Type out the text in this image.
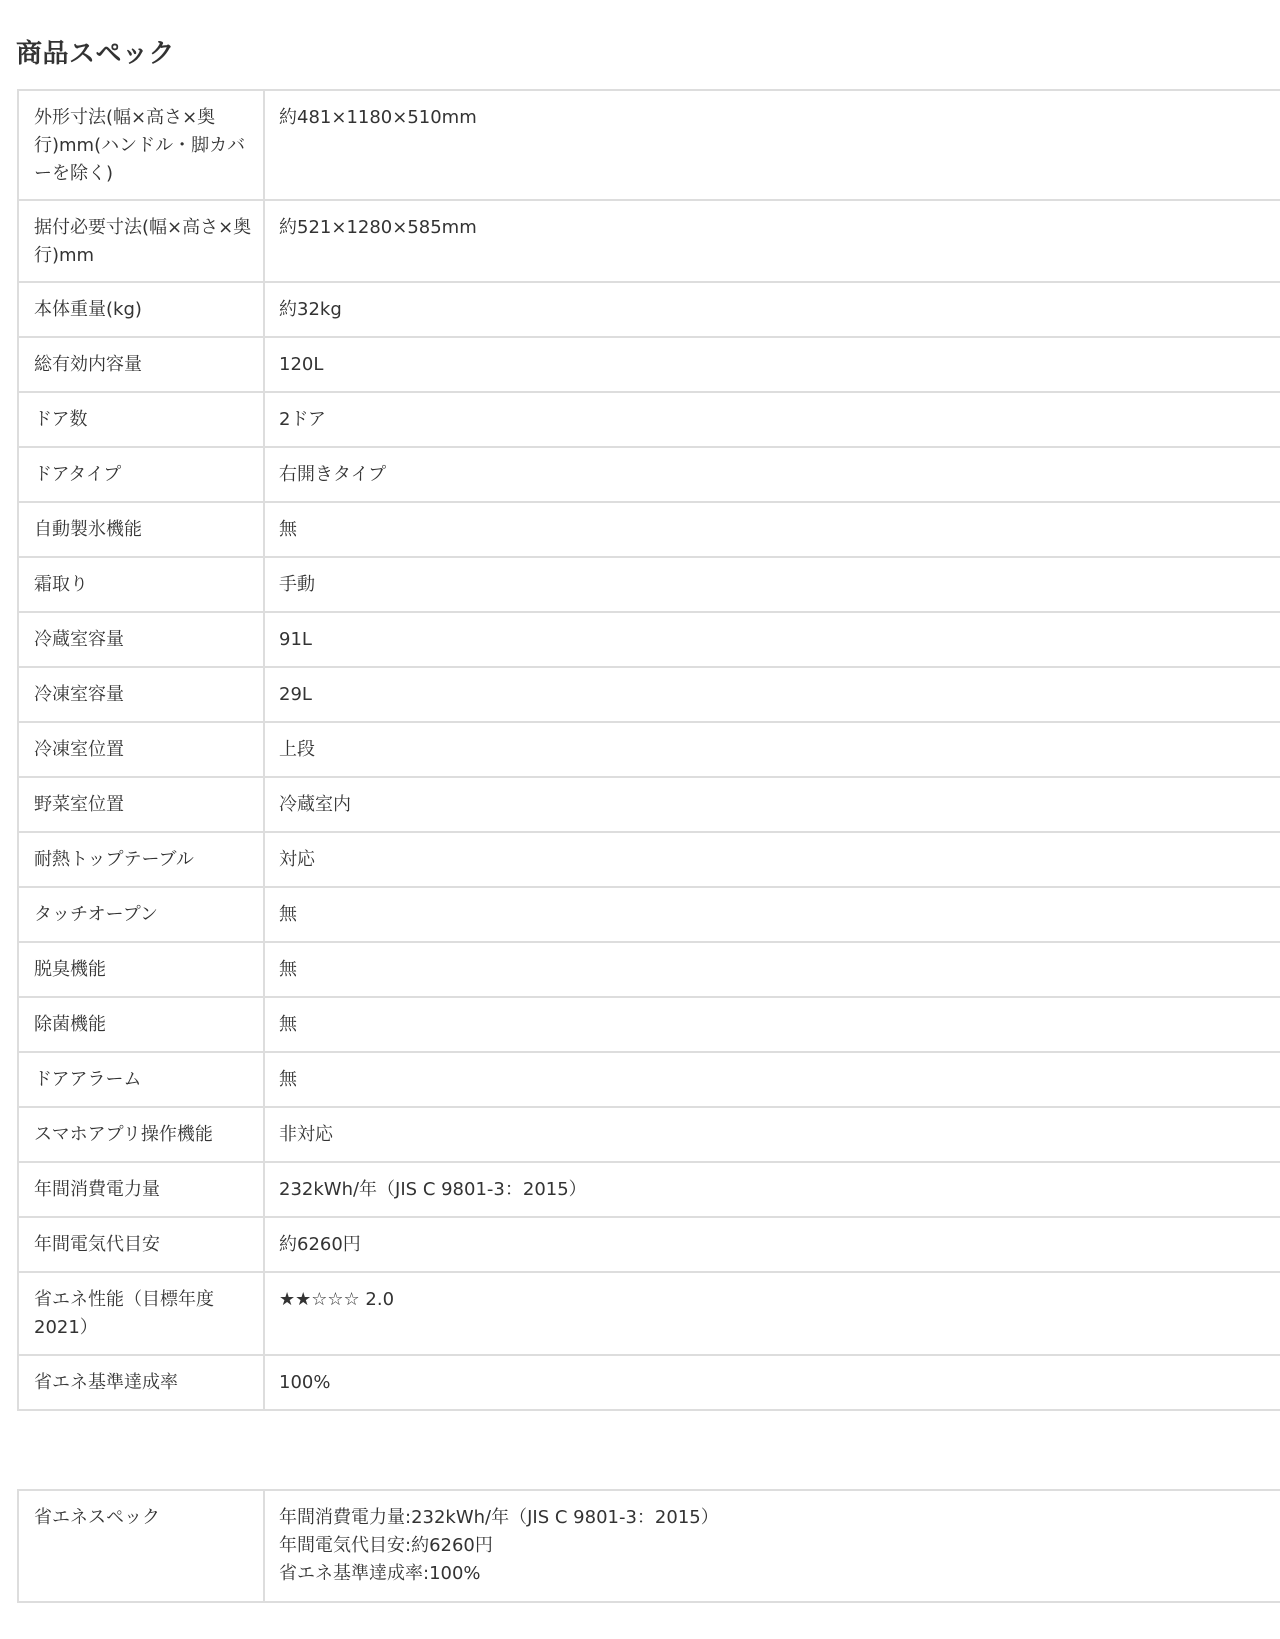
商品スペック
外形寸法(幅×高さ×奥行)mm(ハンドル・脚カバーを除く)	約481×1180×510mm
据付必要寸法(幅×高さ×奥行)mm	約521×1280×585mm
本体重量(kg)	約32kg
総有効内容量	120L
ドア数	2ドア
ドアタイプ	右開きタイプ
自動製氷機能	無
霜取り	手動
冷蔵室容量	91L
冷凍室容量	29L
冷凍室位置	上段
野菜室位置	冷蔵室内
耐熱トップテーブル	対応
タッチオープン	無
脱臭機能	無
除菌機能	無
ドアアラーム	無
スマホアプリ操作機能	非対応
年間消費電力量	232kWh/年（JIS C 9801-3：2015）
年間電気代目安	約6260円
省エネ性能（目標年度2021）	★★☆☆☆ 2.0
省エネ基準達成率	100%
省エネスペック	年間消費電力量:232kWh/年（JIS C 9801-3：2015）
年間電気代目安:約6260円
省エネ基準達成率:100%
